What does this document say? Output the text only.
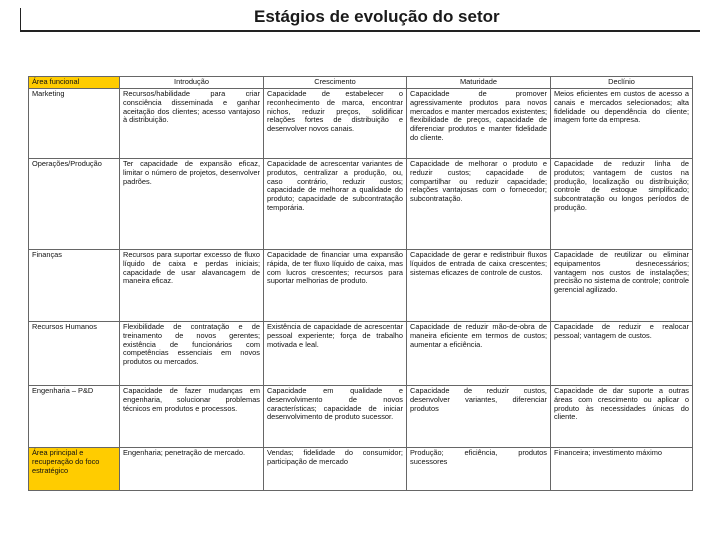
Estágios de evolução do setor
Área funcional	Introdução	Crescimento	Maturidade	Declínio
Marketing	Recursos/habilidade para criar consciência disseminada e ganhar aceitação dos clientes; acesso vantajoso à distribuição.	Capacidade de estabelecer o reconhecimento de marca, encontrar nichos, reduzir preços, solidificar relações fortes de distribuição e desenvolver novos canais.	Capacidade de promover agressivamente produtos para novos mercados e manter mercados existentes; flexibilidade de preços, capacidade de diferenciar produtos e manter fidelidade do cliente.	Meios eficientes em custos de acesso a canais e mercados selecionados; alta fidelidade ou dependência do cliente; imagem forte da empresa.
Operações/Produção	Ter capacidade de expansão eficaz, limitar o número de projetos, desenvolver padrões.	Capacidade de acrescentar variantes de produtos, centralizar a produção, ou, caso contrário, reduzir custos; capacidade de melhorar a qualidade do produto; capacidade de subcontratação temporária.	Capacidade de melhorar o produto e reduzir custos; capacidade de compartilhar ou reduzir capacidade; relações vantajosas com o fornecedor; subcontratação.	Capacidade de reduzir linha de produtos; vantagem de custos na produção, localização ou distribuição; controle de estoque simplificado; subcontratação ou longos períodos de produção.
Finanças	Recursos para suportar excesso de fluxo líquido de caixa e perdas iniciais; capacidade de usar alavancagem de maneira eficaz.	Capacidade de financiar uma expansão rápida, de ter fluxo líquido de caixa, mas com lucros crescentes; recursos para suportar melhorias de produto.	Capacidade de gerar e redistribuir fluxos líquidos de entrada de caixa crescentes; sistemas eficazes de controle de custos.	Capacidade de reutilizar ou eliminar equipamentos desnecessários; vantagem nos custos de instalações; precisão no sistema de controle; controle gerencial agilizado.
Recursos Humanos	Flexibilidade de contratação e de treinamento de novos gerentes; existência de funcionários com competências essenciais em novos produtos ou mercados.	Existência de capacidade de acrescentar pessoal experiente; força de trabalho motivada e leal.	Capacidade de reduzir mão-de-obra de maneira eficiente em termos de custos; aumentar a eficiência.	Capacidade de reduzir e realocar pessoal; vantagem de custos.
Engenharia – P&D	Capacidade de fazer mudanças em engenharia, solucionar problemas técnicos em produtos e processos.	Capacidade em qualidade e desenvolvimento de novos características; capacidade de iniciar desenvolvimento de produto sucessor.	Capacidade de reduzir custos, desenvolver variantes, diferenciar produtos	Capacidade de dar suporte a outras áreas com crescimento ou aplicar o produto às necessidades únicas do cliente.
Área principal e recuperação do foco estratégico	Engenharia; penetração de mercado.	Vendas; fidelidade do consumidor; participação de mercado	Produção; eficiência, produtos sucessores	Financeira; investimento máximo
